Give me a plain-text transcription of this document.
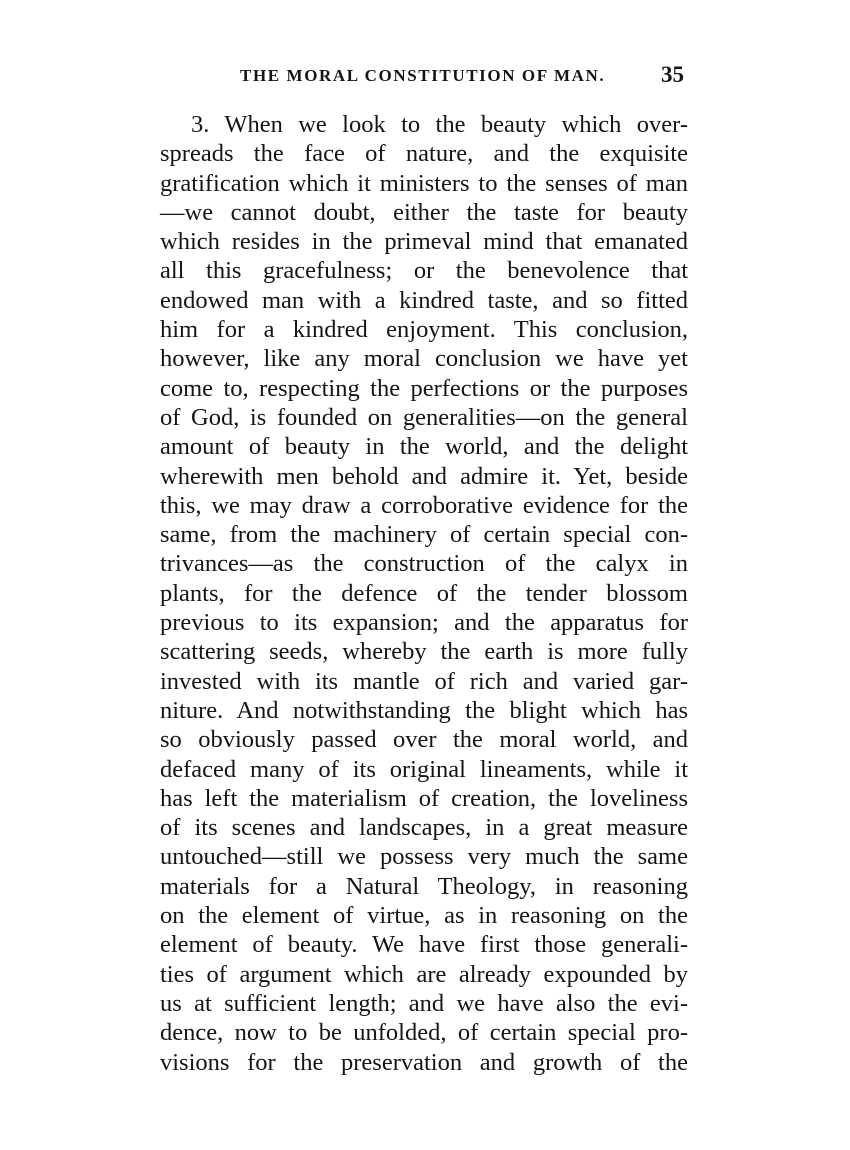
THE MORAL CONSTITUTION OF MAN. 35
3. When we look to the beauty which over-
spreads the face of nature, and the exquisite
gratification which it ministers to the senses of man
—we cannot doubt, either the taste for beauty
which resides in the primeval mind that emanated
all this gracefulness; or the benevolence that
endowed man with a kindred taste, and so fitted
him for a kindred enjoyment. This conclusion,
however, like any moral conclusion we have yet
come to, respecting the perfections or the purposes
of God, is founded on generalities—on the general
amount of beauty in the world, and the delight
wherewith men behold and admire it. Yet, beside
this, we may draw a corroborative evidence for the
same, from the machinery of certain special con-
trivances—as the construction of the calyx in
plants, for the defence of the tender blossom
previous to its expansion; and the apparatus for
scattering seeds, whereby the earth is more fully
invested with its mantle of rich and varied gar-
niture. And notwithstanding the blight which has
so obviously passed over the moral world, and
defaced many of its original lineaments, while it
has left the materialism of creation, the loveliness
of its scenes and landscapes, in a great measure
untouched—still we possess very much the same
materials for a Natural Theology, in reasoning
on the element of virtue, as in reasoning on the
element of beauty. We have first those generali-
ties of argument which are already expounded by
us at sufficient length; and we have also the evi-
dence, now to be unfolded, of certain special pro-
visions for the preservation and growth of the
